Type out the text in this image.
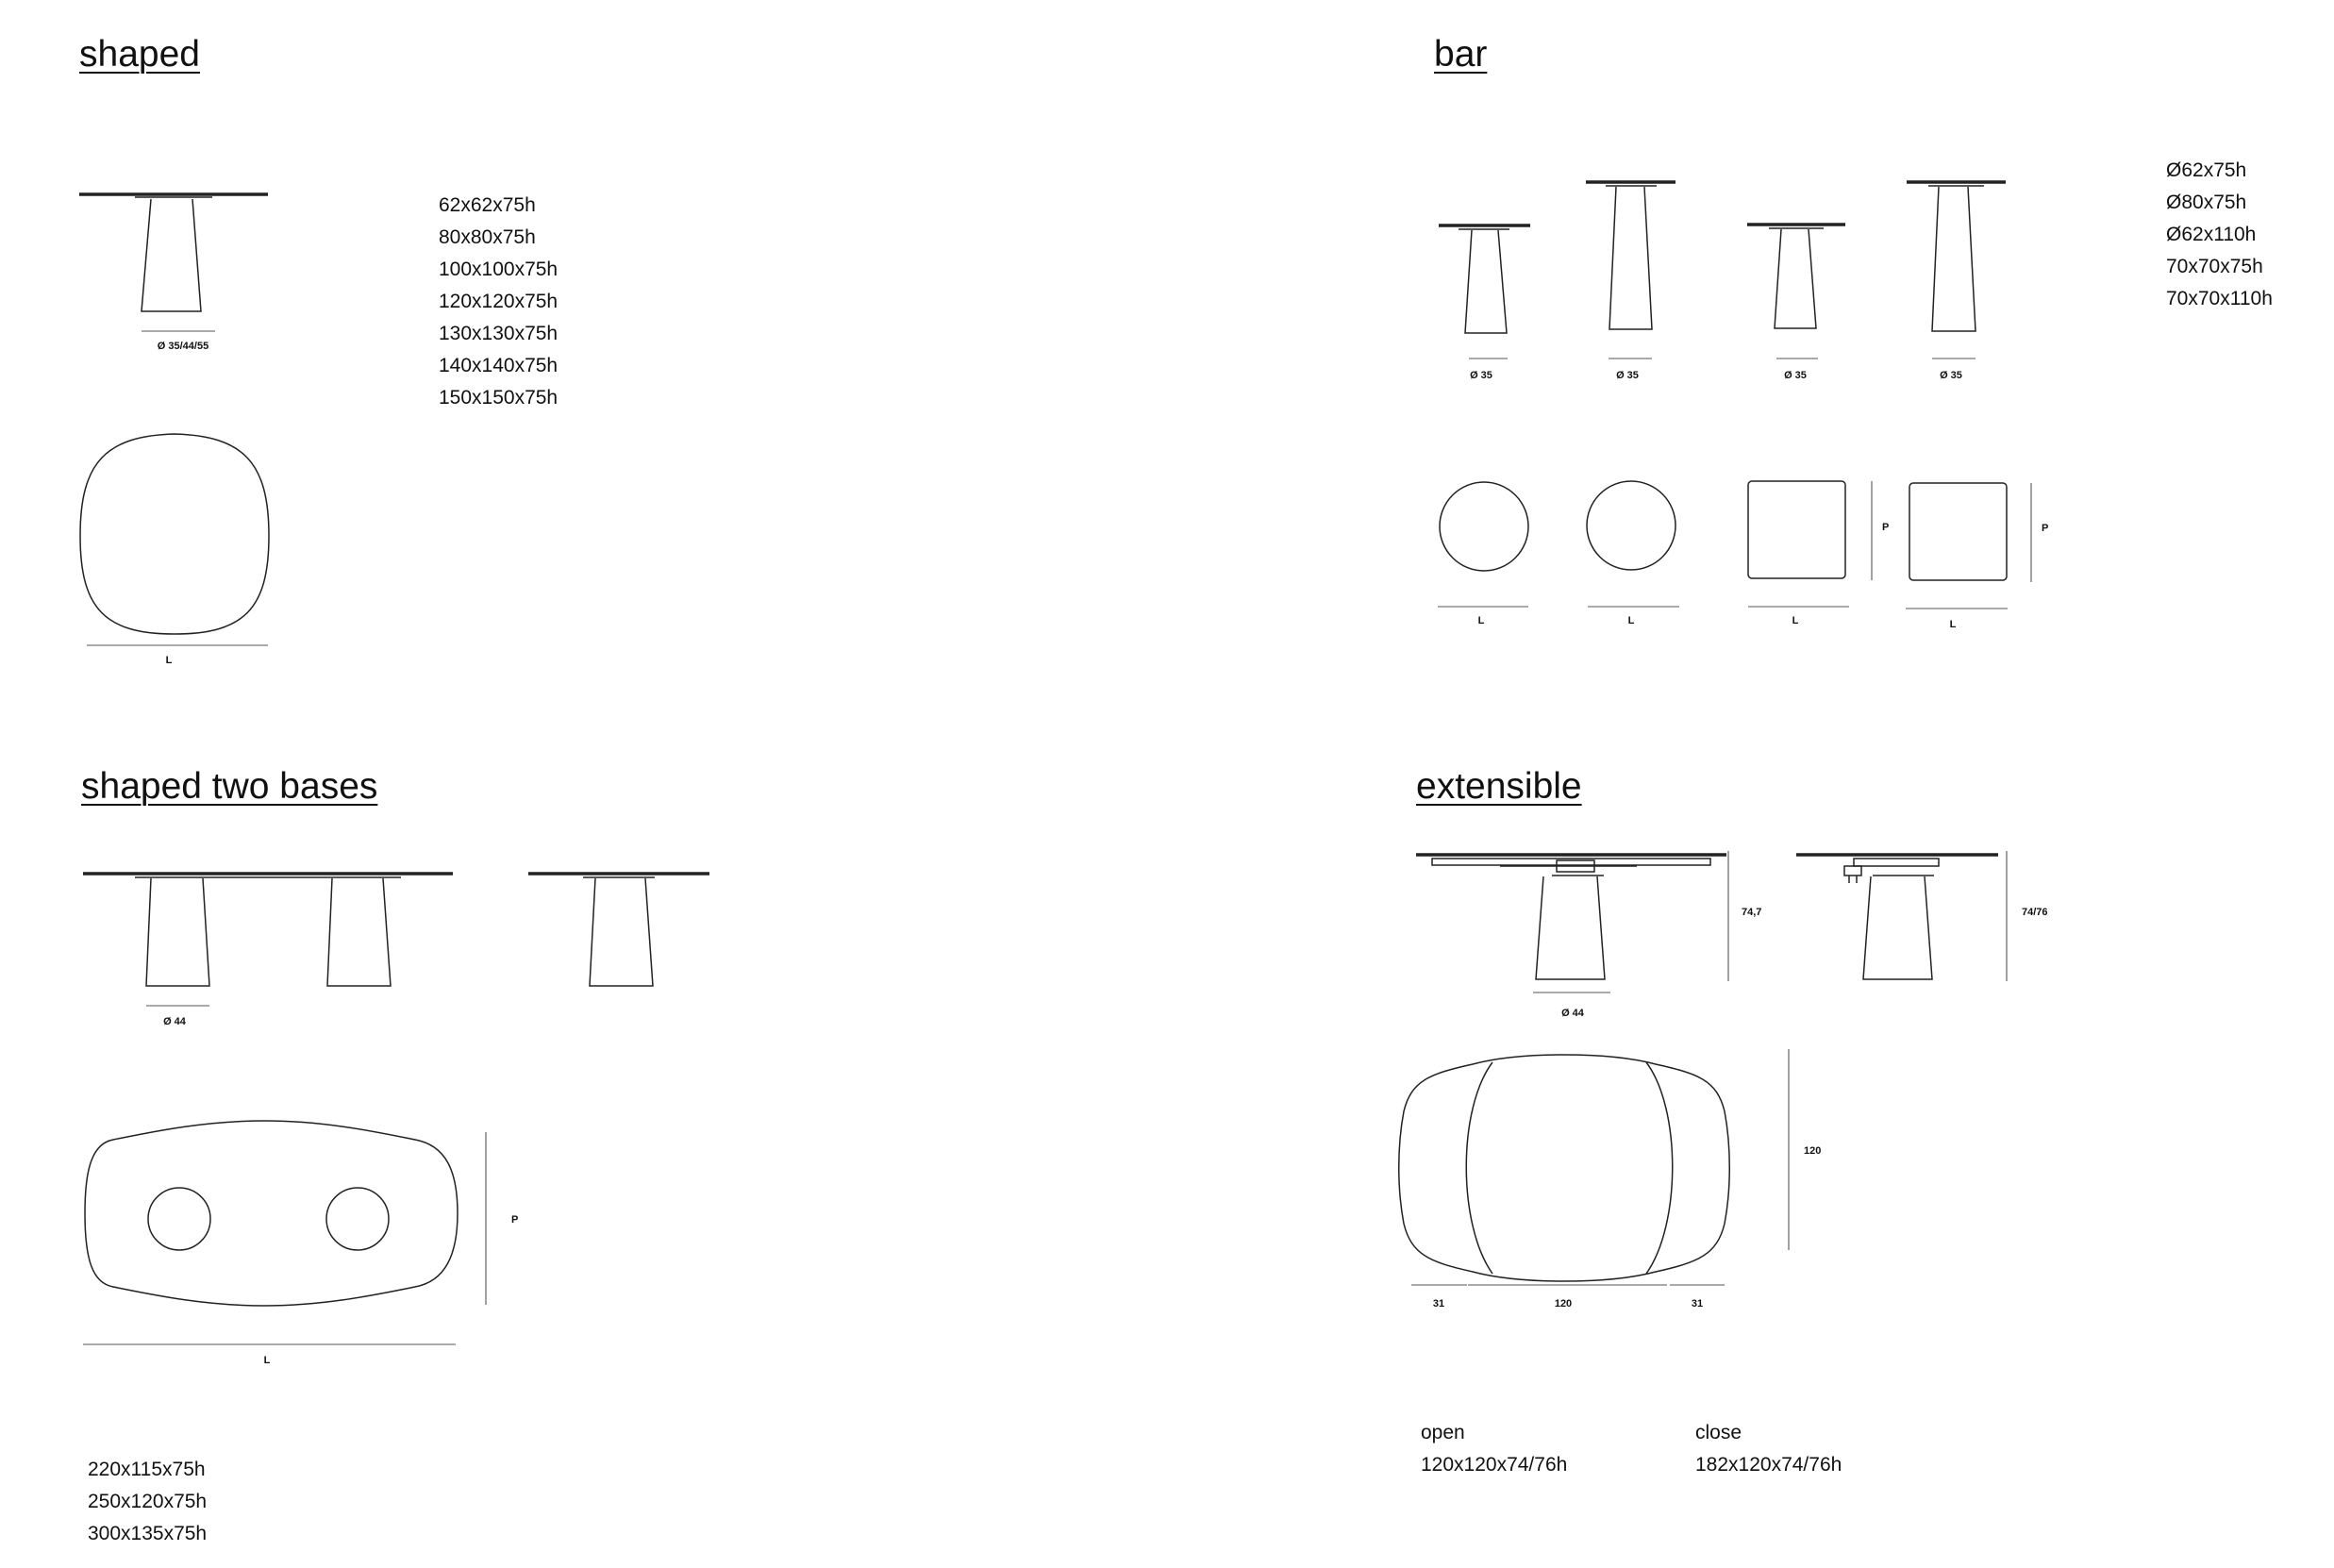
shaped	bar
shaped two bases	extensible
62x62x75h
80x80x75h
100x100x75h
120x120x75h
130x130x75h
140x140x75h
150x150x75h
Ø 35/44/55
L
Ø62x75h
Ø80x75h
Ø62x110h
70x70x75h
70x70x110h
Ø 35	Ø 35	Ø 35	Ø 35
L	L	L	L
P	P
Ø 44
P
L
220x115x75h
250x120x75h
300x135x75h
74,7	74/76
Ø 44
120
31	120	31
open
120x120x74/76h
close
182x120x74/76h
